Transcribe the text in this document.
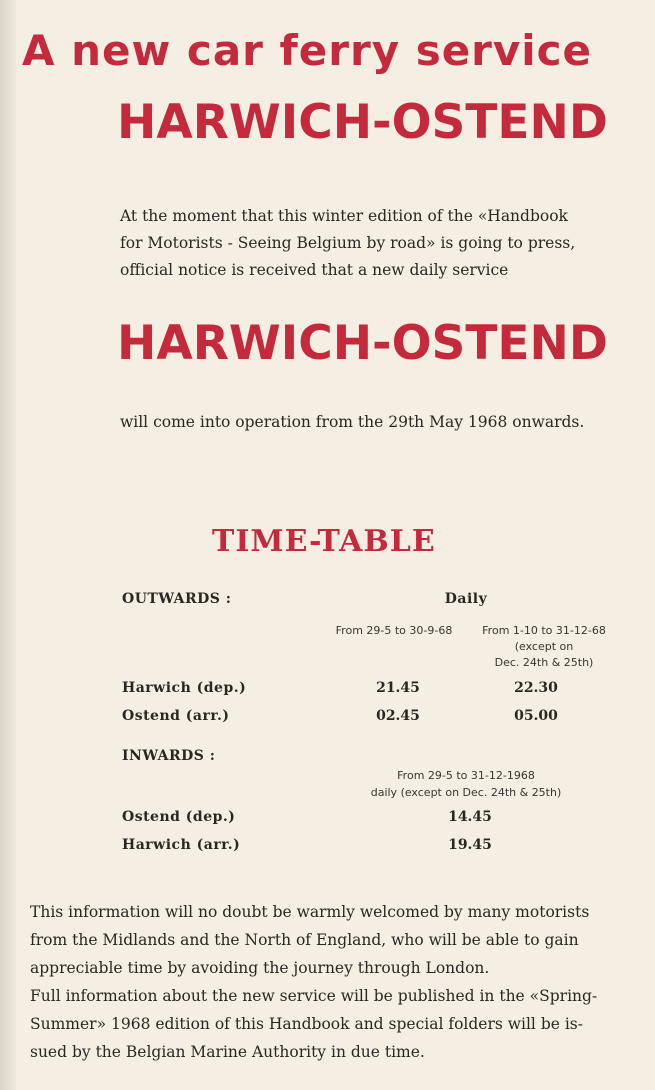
A new car ferry service
HARWICH-OSTEND
At the moment that this winter edition of the «Handbook
for Motorists - Seeing Belgium by road» is going to press,
official notice is received that a new daily service
HARWICH-OSTEND

will come into operation from the 29th May 1968 onwards.

TIME-TABLE
OUTWARDS :	Daily
From 29-5 to 30-9-68	From 1-10 to 31-12-68
(except on
Dec. 24th & 25th)
Harwich (dep.)	21.45	22.30
Ostend (arr.)	02.45	05.00
INWARDS :
From 29-5 to 31-12-1968
daily (except on Dec. 24th & 25th)
Ostend (dep.)	14.45
Harwich (arr.)	19.45
This information will no doubt be warmly welcomed by many motorists
from the Midlands and the North of England, who will be able to gain
appreciable time by avoiding the journey through London.
Full information about the new service will be published in the «Spring-
Summer» 1968 edition of this Handbook and special folders will be is-
sued by the Belgian Marine Authority in due time.
